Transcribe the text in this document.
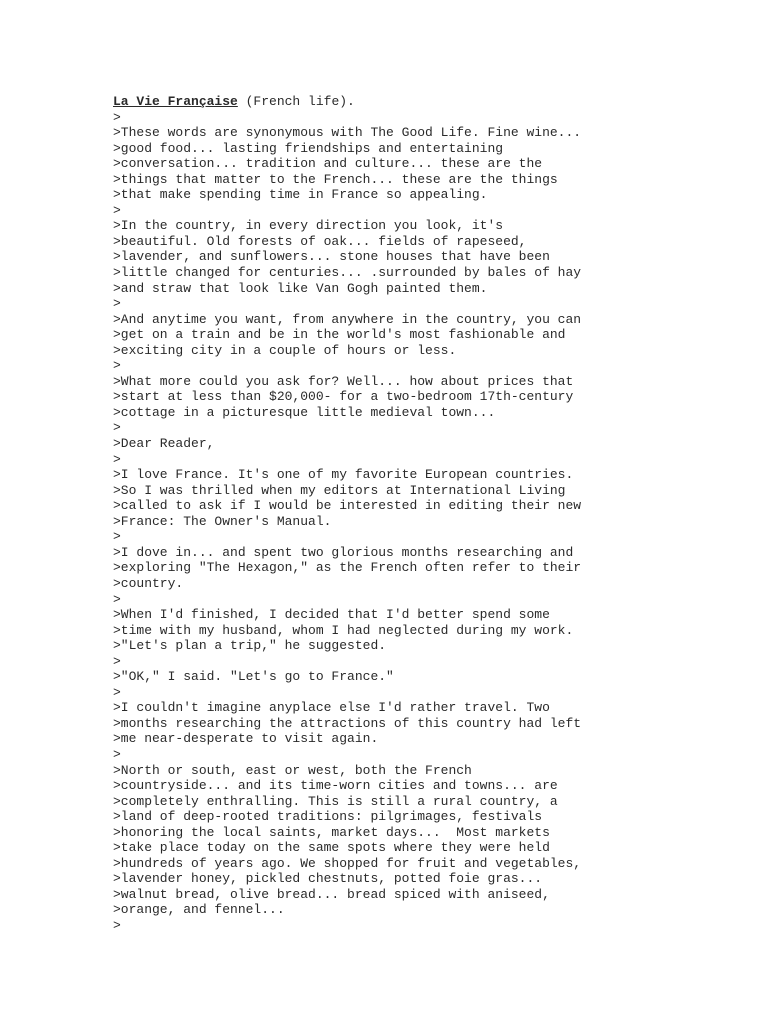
La Vie Française (French life).
>
>These words are synonymous with The Good Life. Fine wine...
>good food... lasting friendships and entertaining
>conversation... tradition and culture... these are the
>things that matter to the French... these are the things
>that make spending time in France so appealing.
>
>In the country, in every direction you look, it's
>beautiful. Old forests of oak... fields of rapeseed,
>lavender, and sunflowers... stone houses that have been
>little changed for centuries... .surrounded by bales of hay
>and straw that look like Van Gogh painted them.
>
>And anytime you want, from anywhere in the country, you can
>get on a train and be in the world's most fashionable and
>exciting city in a couple of hours or less.
>
>What more could you ask for? Well... how about prices that
>start at less than $20,000- for a two-bedroom 17th-century
>cottage in a picturesque little medieval town...
>
>Dear Reader,
>
>I love France. It's one of my favorite European countries.
>So I was thrilled when my editors at International Living
>called to ask if I would be interested in editing their new
>France: The Owner's Manual.
>
>I dove in... and spent two glorious months researching and
>exploring "The Hexagon," as the French often refer to their
>country.
>
>When I'd finished, I decided that I'd better spend some
>time with my husband, whom I had neglected during my work.
>"Let's plan a trip," he suggested.
>
>"OK," I said. "Let's go to France."
>
>I couldn't imagine anyplace else I'd rather travel. Two
>months researching the attractions of this country had left
>me near-desperate to visit again.
>
>North or south, east or west, both the French
>countryside... and its time-worn cities and towns... are
>completely enthralling. This is still a rural country, a
>land of deep-rooted traditions: pilgrimages, festivals
>honoring the local saints, market days...  Most markets
>take place today on the same spots where they were held
>hundreds of years ago. We shopped for fruit and vegetables,
>lavender honey, pickled chestnuts, potted foie gras...
>walnut bread, olive bread... bread spiced with aniseed,
>orange, and fennel...
>
